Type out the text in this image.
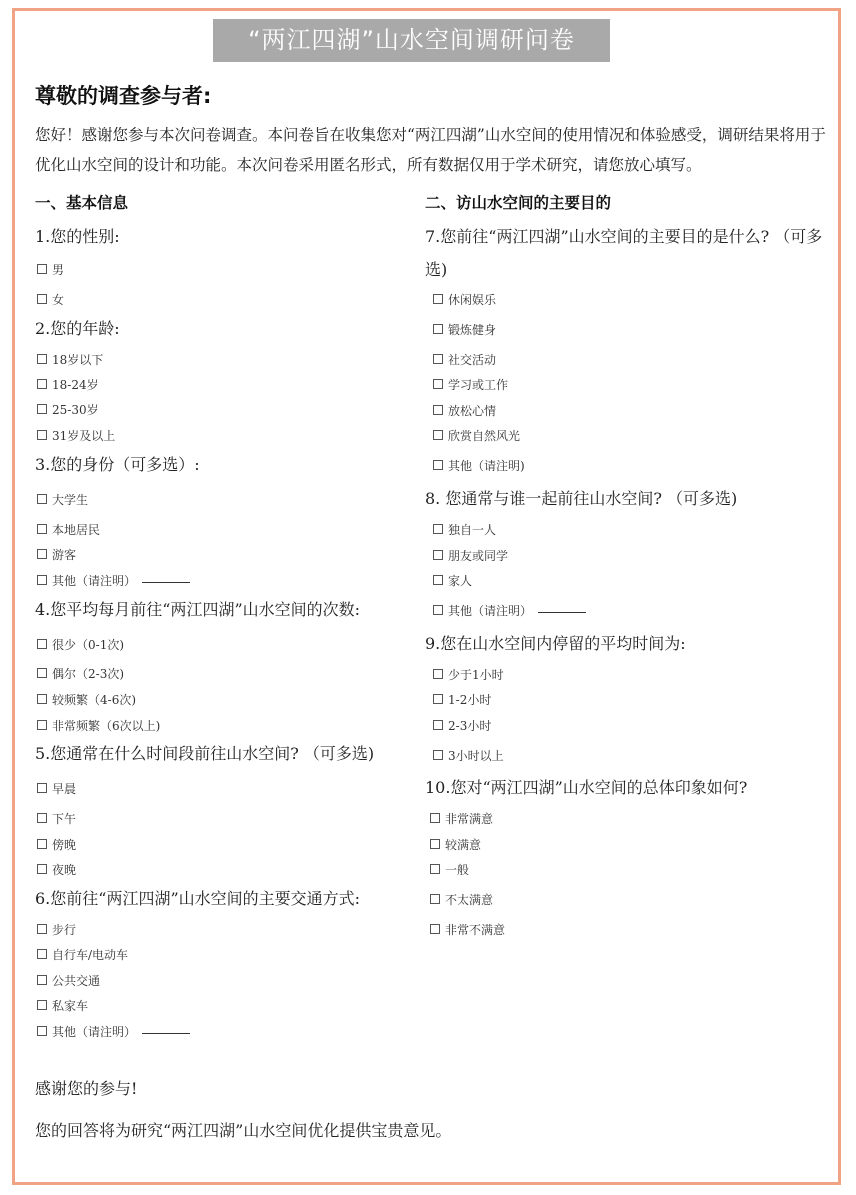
“两江四湖”山水空间调研问卷
尊敬的调查参与者:
您好！感谢您参与本次问卷调查。本问卷旨在收集您对“两江四湖”山水空间的使用情况和体验感受，调研结果将用于优化山水空间的设计和功能。本次问卷采用匿名形式，所有数据仅用于学术研究，请您放心填写。
一、基本信息	二、访山水空间的主要目的
1.您的性别:
男
女
2.您的年龄:
18岁以下
18-24岁
25-30岁
31岁及以上
3.您的身份（可多选）:
大学生
本地居民
游客
其他（请注明）
4.您平均每月前往“两江四湖”山水空间的次数:
很少（0-1次)
偶尔（2-3次)
较频繁（4-6次)
非常频繁（6次以上)
5.您通常在什么时间段前往山水空间? （可多选)
早晨
下午
傍晚
夜晚
6.您前往“两江四湖”山水空间的主要交通方式:
步行
自行车/电动车
公共交通
私家车
其他（请注明）
7.您前往“两江四湖”山水空间的主要目的是什么? （可多选)
休闲娱乐
锻炼健身
社交活动
学习或工作
放松心情
欣赏自然风光
其他（请注明)
8. 您通常与谁一起前往山水空间? （可多选)
独自一人
朋友或同学
家人
其他（请注明）
9.您在山水空间内停留的平均时间为:
少于1小时
1-2小时
2-3小时
3小时以上
10.您对“两江四湖”山水空间的总体印象如何?
非常满意
较满意
一般
不太满意
非常不满意
感谢您的参与!
您的回答将为研究“两江四湖”山水空间优化提供宝贵意见。
